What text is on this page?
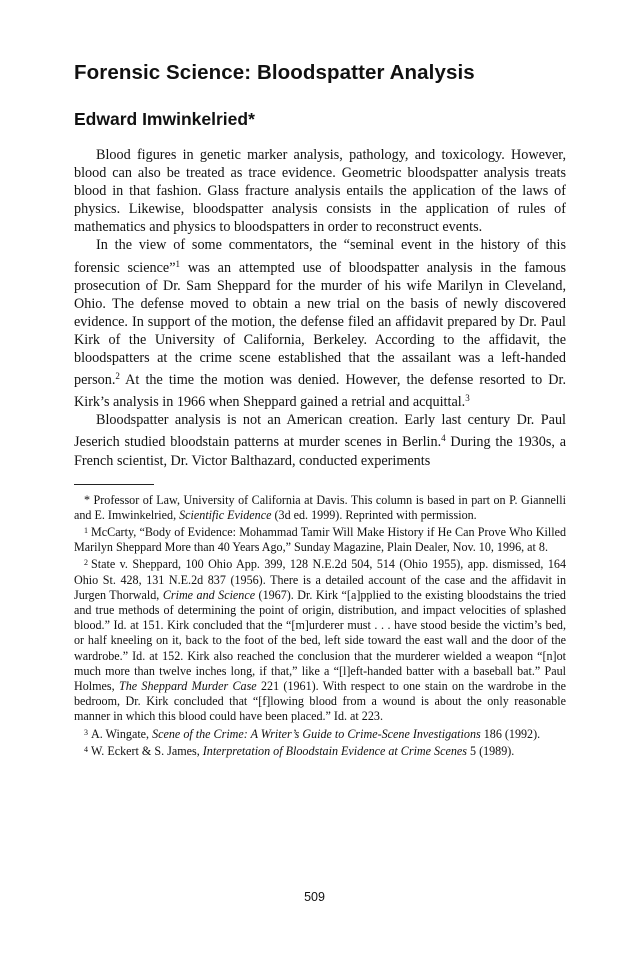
Forensic Science: Bloodspatter Analysis
Edward Imwinkelried*

Blood figures in genetic marker analysis, pathology, and toxicology. However, blood can also be treated as trace evidence. Geometric bloodspatter analysis treats blood in that fashion. Glass fracture analysis entails the application of the laws of physics. Likewise, bloodspatter analysis consists in the application of rules of mathematics and physics to bloodspatters in order to reconstruct events.

In the view of some commentators, the “seminal event in the history of this forensic science”$^1$ was an attempted use of bloodspatter analysis in the famous prosecution of Dr. Sam Sheppard for the murder of his wife Marilyn in Cleveland, Ohio. The defense moved to obtain a new trial on the basis of newly discovered evidence. In support of the motion, the defense filed an affidavit prepared by Dr. Paul Kirk of the University of California, Berkeley. According to the affidavit, the bloodspatters at the crime scene established that the assailant was a left-handed person.$^2$ At the time the motion was denied. However, the defense resorted to Dr. Kirk’s analysis in 1966 when Sheppard gained a retrial and acquittal.$^3$

Bloodspatter analysis is not an American creation. Early last century Dr. Paul Jeserich studied bloodstain patterns at murder scenes in Berlin.$^4$ During the 1930s, a French scientist, Dr. Victor Balthazard, conducted experiments

* Professor of Law, University of California at Davis. This column is based in part on P. Giannelli and E. Imwinkelried, Scientific Evidence (3d ed. 1999). Reprinted with permission.

$^1$ McCarty, “Body of Evidence: Mohammad Tamir Will Make History if He Can Prove Who Killed Marilyn Sheppard More than 40 Years Ago,” Sunday Magazine, Plain Dealer, Nov. 10, 1996, at 8.

$^2$ State v. Sheppard, 100 Ohio App. 399, 128 N.E.2d 504, 514 (Ohio 1955), app. dismissed, 164 Ohio St. 428, 131 N.E.2d 837 (1956). There is a detailed account of the case and the affidavit in Jurgen Thorwald, Crime and Science (1967). Dr. Kirk “[a]pplied to the existing bloodstains the tried and true methods of determining the point of origin, distribution, and impact velocities of splashed blood.” Id. at 151. Kirk concluded that the “[m]urderer must . . . have stood beside the victim’s bed, or half kneeling on it, back to the foot of the bed, left side toward the east wall and the door of the wardrobe.” Id. at 152. Kirk also reached the conclusion that the murderer wielded a weapon “[n]ot much more than twelve inches long, if that,” like a “[l]eft-handed batter with a baseball bat.” Paul Holmes, The Sheppard Murder Case 221 (1961). With respect to one stain on the wardrobe in the bedroom, Dr. Kirk concluded that “[f]lowing blood from a wound is about the only reasonable manner in which this blood could have been placed.” Id. at 223.

$^3$ A. Wingate, Scene of the Crime: A Writer’s Guide to Crime-Scene Investigations 186 (1992).

$^4$ W. Eckert & S. James, Interpretation of Bloodstain Evidence at Crime Scenes 5 (1989).

509
